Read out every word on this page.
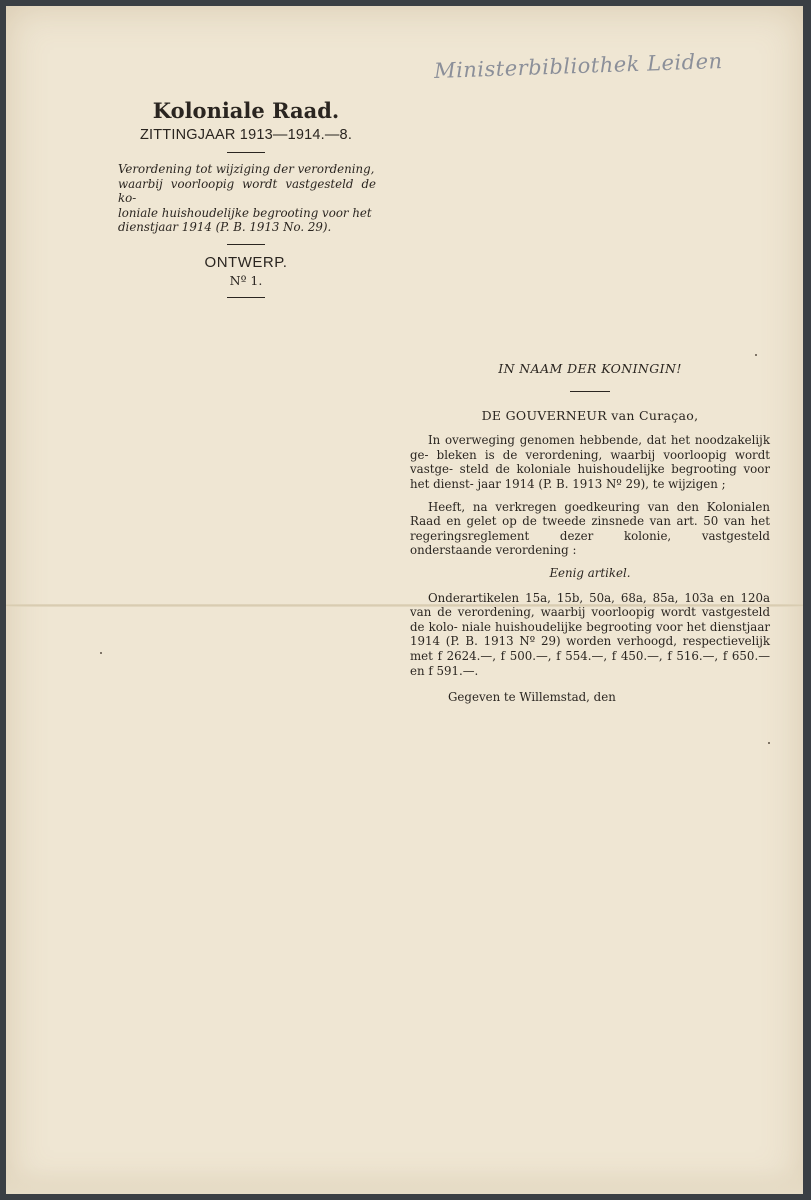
Ministerbibliothek Leiden
Koloniale Raad.
ZITTINGJAAR 1913—1914.—8.

Verordening tot wijziging der verordening,
waarbij voorloopig wordt vastgesteld de ko-
loniale huishoudelijke begrooting voor het
dienstjaar 1914 (P. B. 1913 No. 29).

ONTWERP.
Nº 1.
IN NAAM DER KONINGIN!
DE GOUVERNEUR van Curaçao,

In overweging genomen hebbende, dat het noodzakelijk ge- bleken is de verordening, waarbij voorloopig wordt vastge- steld de koloniale huishoudelijke begrooting voor het dienst- jaar 1914 (P. B. 1913 Nº 29), te wijzigen ;

Heeft, na verkregen goedkeuring van den Kolonialen Raad en gelet op de tweede zinsnede van art. 50 van het regeringsreglement dezer kolonie, vastgesteld onderstaande verordening :

Eenig artikel.

Onderartikelen 15a, 15b, 50a, 68a, 85a, 103a en 120a van de verordening, waarbij voorloopig wordt vastgesteld de kolo- niale huishoudelijke begrooting voor het dienstjaar 1914 (P. B. 1913 Nº 29) worden verhoogd, respectievelijk met f 2624.—, f 500.—, f 554.—, f 450.—, f 516.—, f 650.— en f 591.—.

Gegeven te Willemstad, den
